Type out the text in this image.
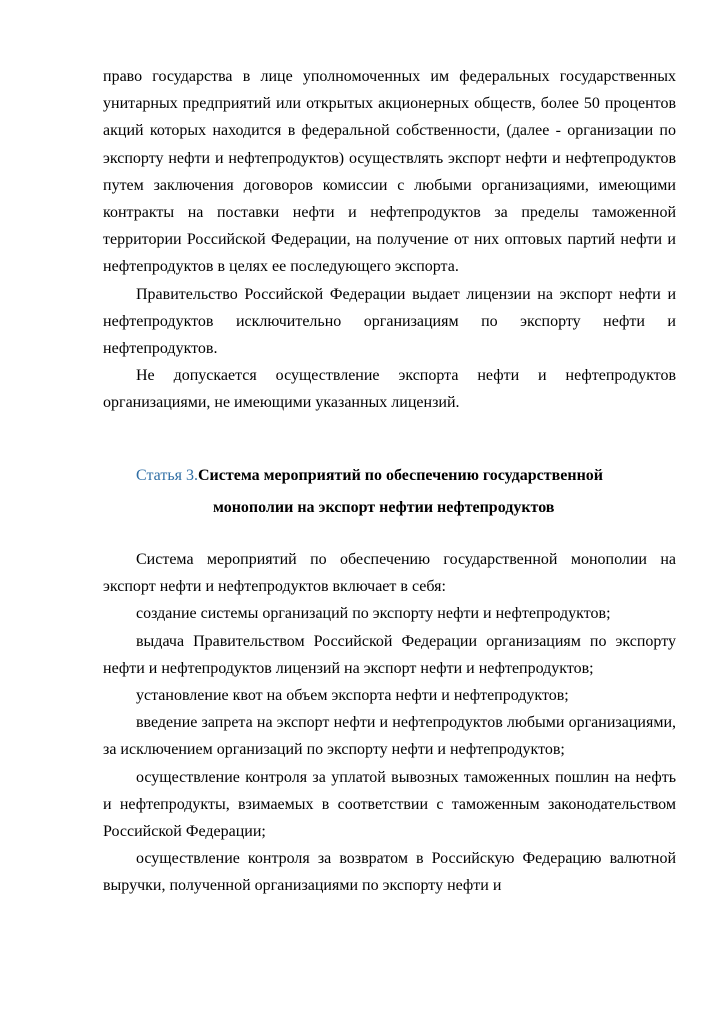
право государства в лице уполномоченных им федеральных государственных унитарных предприятий или открытых акционерных обществ, более 50 процентов акций которых находится в федеральной собственности, (далее - организации по экспорту нефти и нефтепродуктов) осуществлять экспорт нефти и нефтепродуктов путем заключения договоров комиссии с любыми организациями, имеющими контракты на поставки нефти и нефтепродуктов за пределы таможенной территории Российской Федерации, на получение от них оптовых партий нефти и нефтепродуктов в целях ее последующего экспорта.

Правительство Российской Федерации выдает лицензии на экспорт нефти и нефтепродуктов исключительно организациям по экспорту нефти и нефтепродуктов.

Не допускается осуществление экспорта нефти и нефтепродуктов организациями, не имеющими указанных лицензий.

Статья 3.Система мероприятий по обеспечению государственной
монополии на экспорт нефтии нефтепродуктов

Система мероприятий по обеспечению государственной монополии на экспорт нефти и нефтепродуктов включает в себя:

создание системы организаций по экспорту нефти и нефтепродуктов;

выдача Правительством Российской Федерации организациям по экспорту нефти и нефтепродуктов лицензий на экспорт нефти и нефтепродуктов;

установление квот на объем экспорта нефти и нефтепродуктов;

введение запрета на экспорт нефти и нефтепродуктов любыми организациями, за исключением организаций по экспорту нефти и нефтепродуктов;

осуществление контроля за уплатой вывозных таможенных пошлин на нефть и нефтепродукты, взимаемых в соответствии с таможенным законодательством Российской Федерации;

осуществление контроля за возвратом в Российскую Федерацию валютной выручки, полученной организациями по экспорту нефти и
